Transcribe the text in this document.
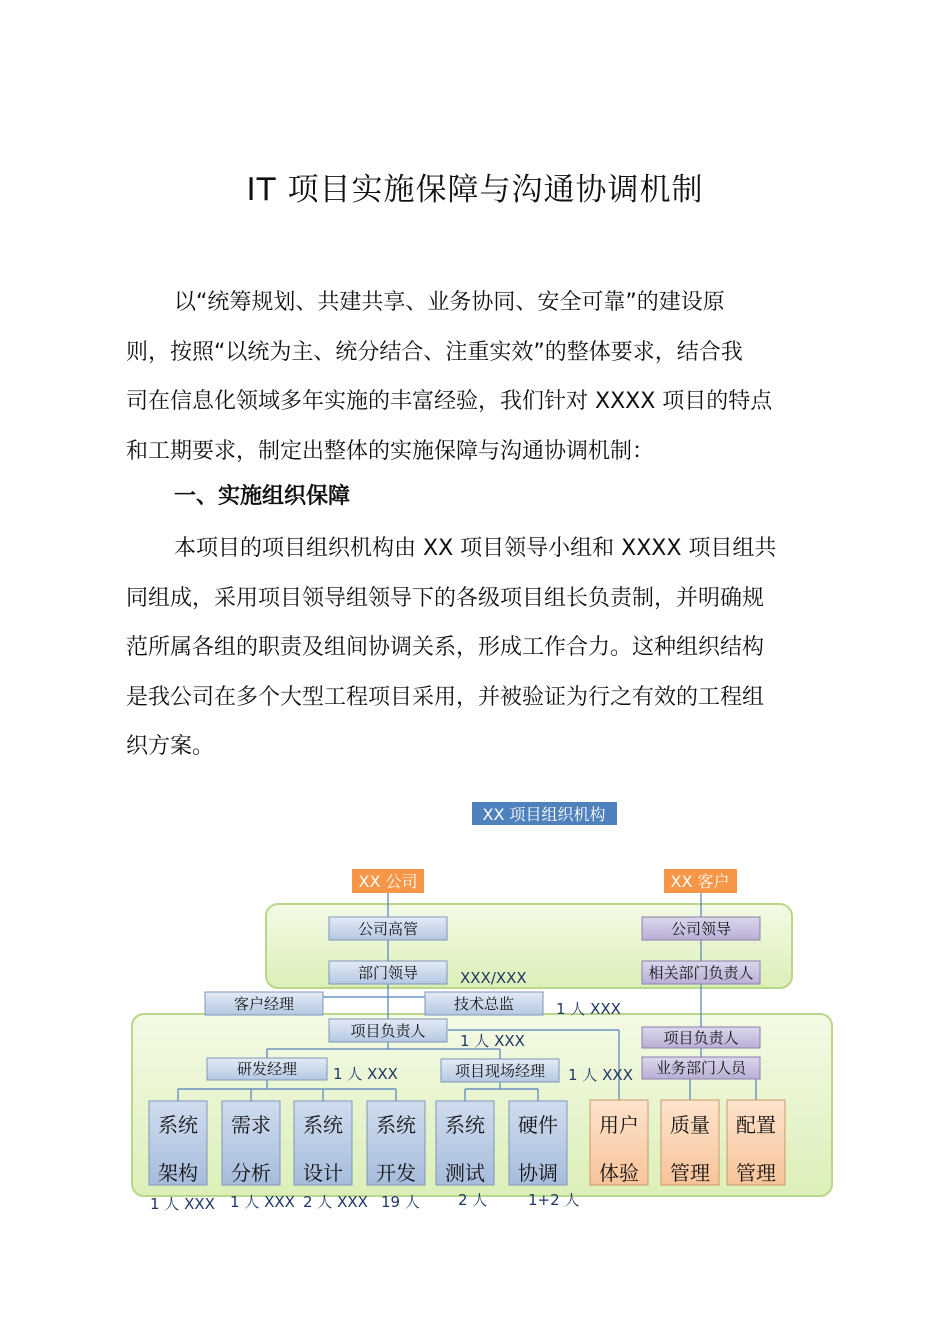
IT 项目实施保障与沟通协调机制
以“统筹规划、共建共享、业务协同、安全可靠”的建设原
则，按照“以统为主、统分结合、注重实效”的整体要求，结合我
司在信息化领域多年实施的丰富经验，我们针对 XXXX 项目的特点
和工期要求，制定出整体的实施保障与沟通协调机制：
一、实施组织保障
本项目的项目组织机构由 XX 项目领导小组和 XXXX 项目组共
同组成，采用项目领导组领导下的各级项目组长负责制，并明确规
范所属各组的职责及组间协调关系，形成工作合力。这种组织结构
是我公司在多个大型工程项目采用，并被验证为行之有效的工程组
织方案。
XX 项目组织机构
XX 公司	XX 客户
公司高管
部门领导	XXX/XXX
公司领导
相关部门负责人
客户经理	技术总监	1 人 XXX
项目负责人
1 人 XXX	项目负责人
业务部门人员
研发经理 1 人 XXX	项目现场经理 1 人 XXX
系统
架构
需求
分析
系统
设计
系统
开发
系统
测试
硬件
协调
用户
体验
质量
管理
配置
管理
1 人 XXX 1 人 XXX 2 人 XXX 19 人	2 人	1+2 人
